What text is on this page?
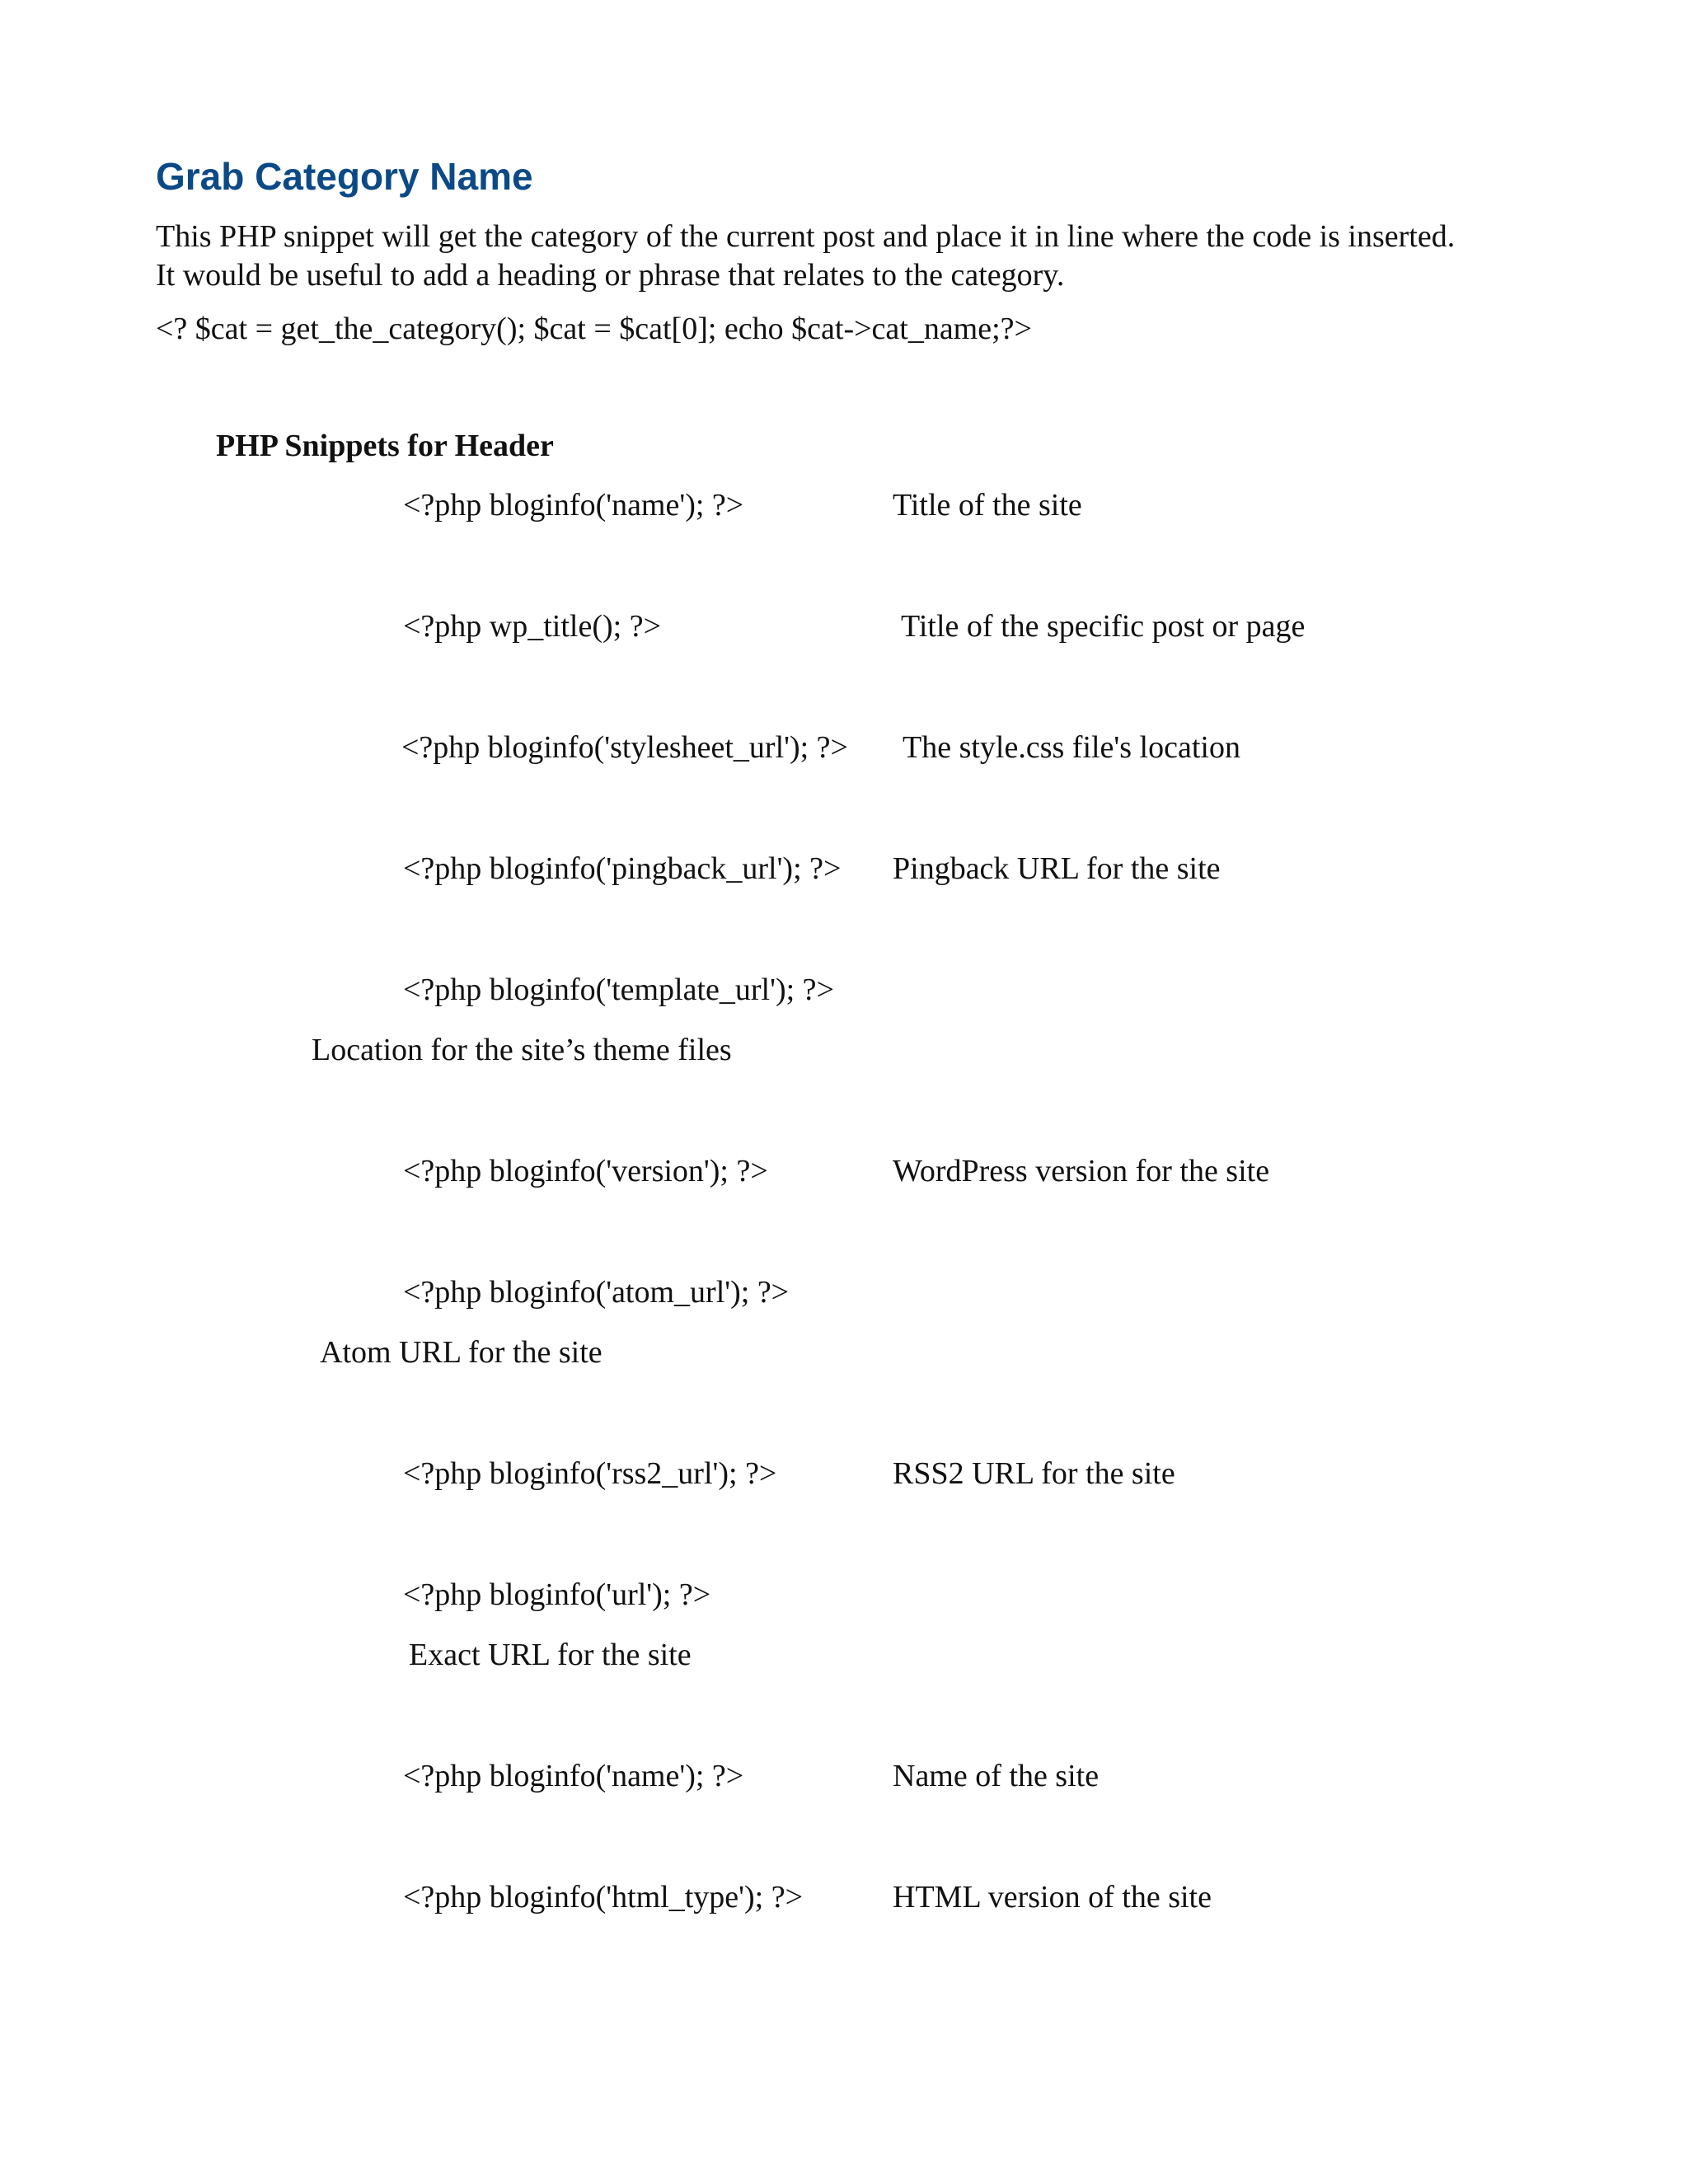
Grab Category Name
This PHP snippet will get the category of the current post and place it in line where the code is inserted.
It would be useful to add a heading or phrase that relates to the category.
<? $cat = get_the_category(); $cat = $cat[0]; echo $cat->cat_name;?>
PHP Snippets for Header
<?php bloginfo('name'); ?>	Title of the site
<?php wp_title(); ?>	Title of the specific post or page
<?php bloginfo('stylesheet_url'); ?> The style.css file's location
<?php bloginfo('pingback_url'); ?> Pingback URL for the site
<?php bloginfo('template_url'); ?>
Location for the site’s theme files
<?php bloginfo('version'); ?>	WordPress version for the site
<?php bloginfo('atom_url'); ?>
Atom URL for the site
<?php bloginfo('rss2_url'); ?>	RSS2 URL for the site
<?php bloginfo('url'); ?>
Exact URL for the site
<?php bloginfo('name'); ?>	Name of the site
<?php bloginfo('html_type'); ?>	HTML version of the site
